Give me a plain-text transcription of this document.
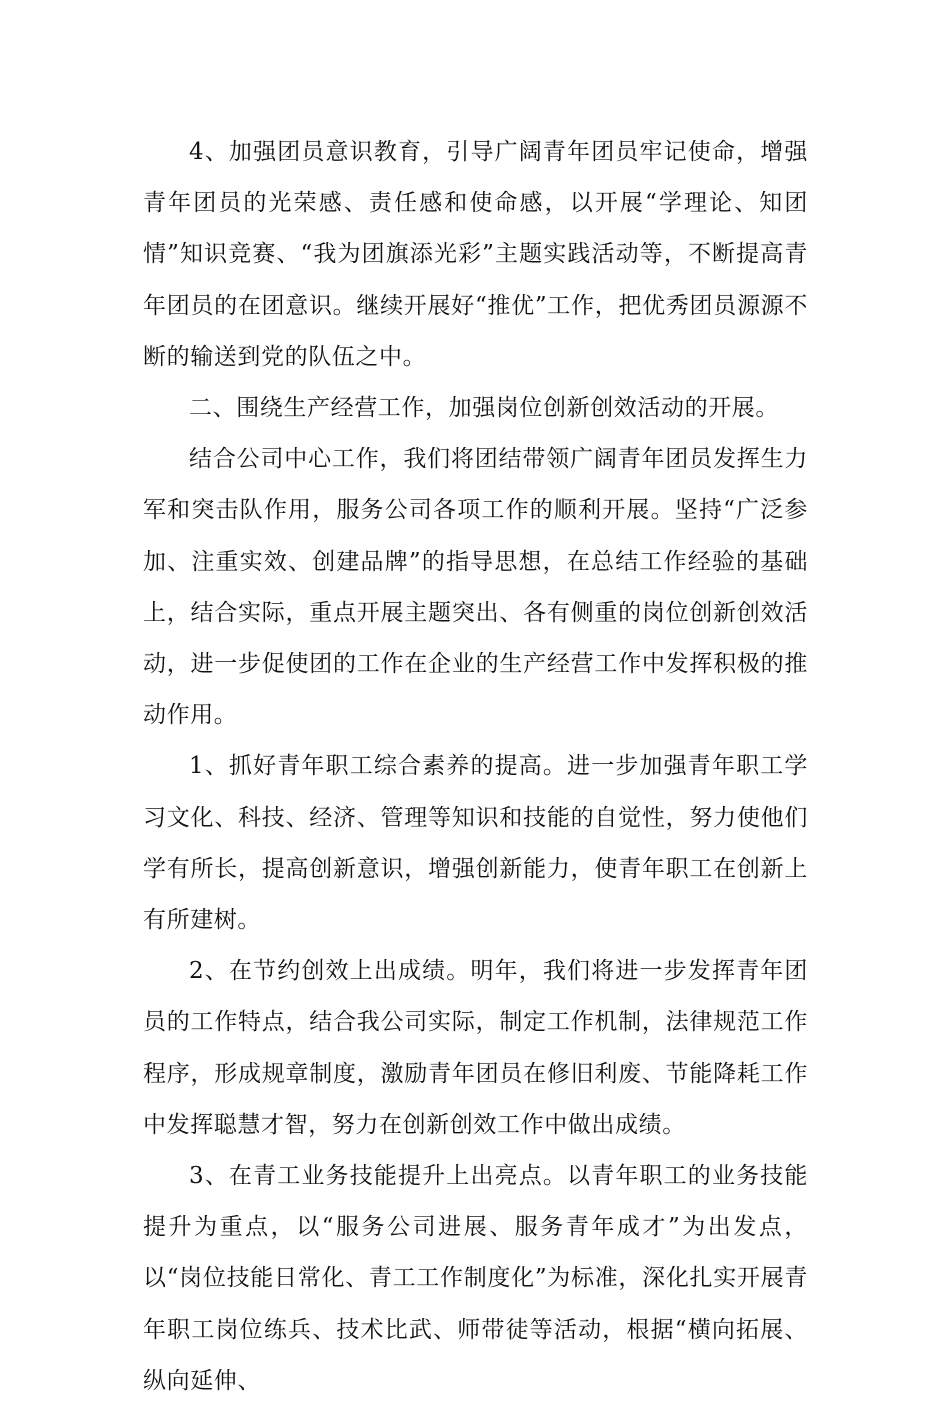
4、加强团员意识教育，引导广阔青年团员牢记使命，增强青年团员的光荣感、责任感和使命感，以开展“学理论、知团情”知识竞赛、“我为团旗添光彩”主题实践活动等，不断提高青年团员的在团意识。继续开展好“推优”工作，把优秀团员源源不断的输送到党的队伍之中。

二、围绕生产经营工作，加强岗位创新创效活动的开展。

结合公司中心工作，我们将团结带领广阔青年团员发挥生力军和突击队作用，服务公司各项工作的顺利开展。坚持“广泛参加、注重实效、创建品牌”的指导思想，在总结工作经验的基础上，结合实际，重点开展主题突出、各有侧重的岗位创新创效活动，进一步促使团的工作在企业的生产经营工作中发挥积极的推动作用。

1、抓好青年职工综合素养的提高。进一步加强青年职工学习文化、科技、经济、管理等知识和技能的自觉性，努力使他们学有所长，提高创新意识，增强创新能力，使青年职工在创新上有所建树。

2、在节约创效上出成绩。明年，我们将进一步发挥青年团员的工作特点，结合我公司实际，制定工作机制，法律规范工作程序，形成规章制度，激励青年团员在修旧利废、节能降耗工作中发挥聪慧才智，努力在创新创效工作中做出成绩。

3、在青工业务技能提升上出亮点。以青年职工的业务技能提升为重点，以“服务公司进展、服务青年成才”为出发点，以“岗位技能日常化、青工工作制度化”为标准，深化扎实开展青年职工岗位练兵、技术比武、师带徒等活动，根据“横向拓展、纵向延伸、
